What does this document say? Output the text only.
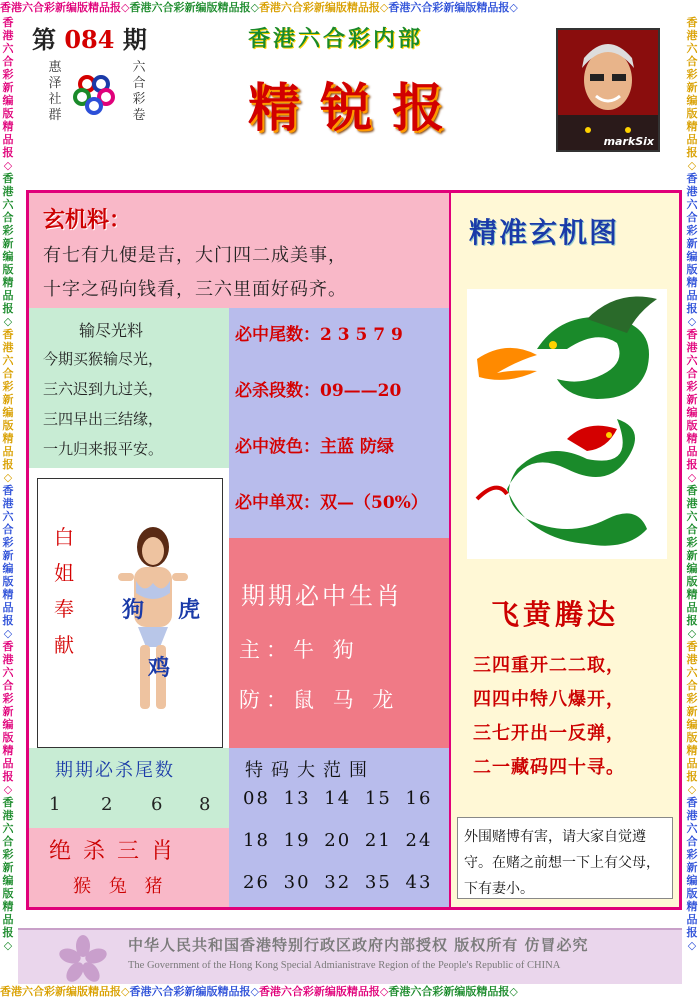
香港六合彩新编版精品报◇香港六合彩新编版精品报◇香港六合彩新编版精品报◇香港六合彩新编版精品报◇
香港六合彩新编版精品报◇香港六合彩新编版精品报◇香港六合彩新编版精品报◇香港六合彩新编版精品报◇
香港六合彩新编版精品报◇香港六合彩新编版精品报◇香港六合彩新编版精品报◇香港六合彩新编版精品报◇香港六合彩新编版精品报◇香港六合彩新编版精品报◇
香港六合彩新编版精品报◇香港六合彩新编版精品报◇香港六合彩新编版精品报◇香港六合彩新编版精品报◇香港六合彩新编版精品报◇香港六合彩新编版精品报◇
第 084 期
惠泽社群
六合彩卷
香港六合彩内部
精锐报
markSix
玄机料：
有七有九便是吉，大门四二成美事，
十字之码向钱看，三六里面好码齐。
输尽光料
今期买猴输尽光，
三六迟到九过关，
三四早出三结缘，
一九归来报平安。
必中尾数：2 3 5 7 9
必杀段数：09——20
必中波色：主蓝 防绿
必中单双：双—（50%）
白姐奉献
狗 虎
鸡
期期必中生肖
主：牛 狗
防：鼠 马 龙
期期必杀尾数
1 2 6 8
绝杀三肖
猴 兔 猪
特码大范围
08 13 14 15 16
18 19 20 21 24
26 30 32 35 43
精准玄机图
飞黄腾达
三四重开二二取，
四四中特八爆开，
三七开出一反弹，
二一藏码四十寻。
外围赌博有害，请大家自觉遵守。在赌之前想一下上有父母，下有妻小。
中华人民共和国香港特别行政区政府内部授权 版权所有 仿冒必究
The Government of the Hong Kong Special Admianistrave Region of the People's Republic of CHINA
